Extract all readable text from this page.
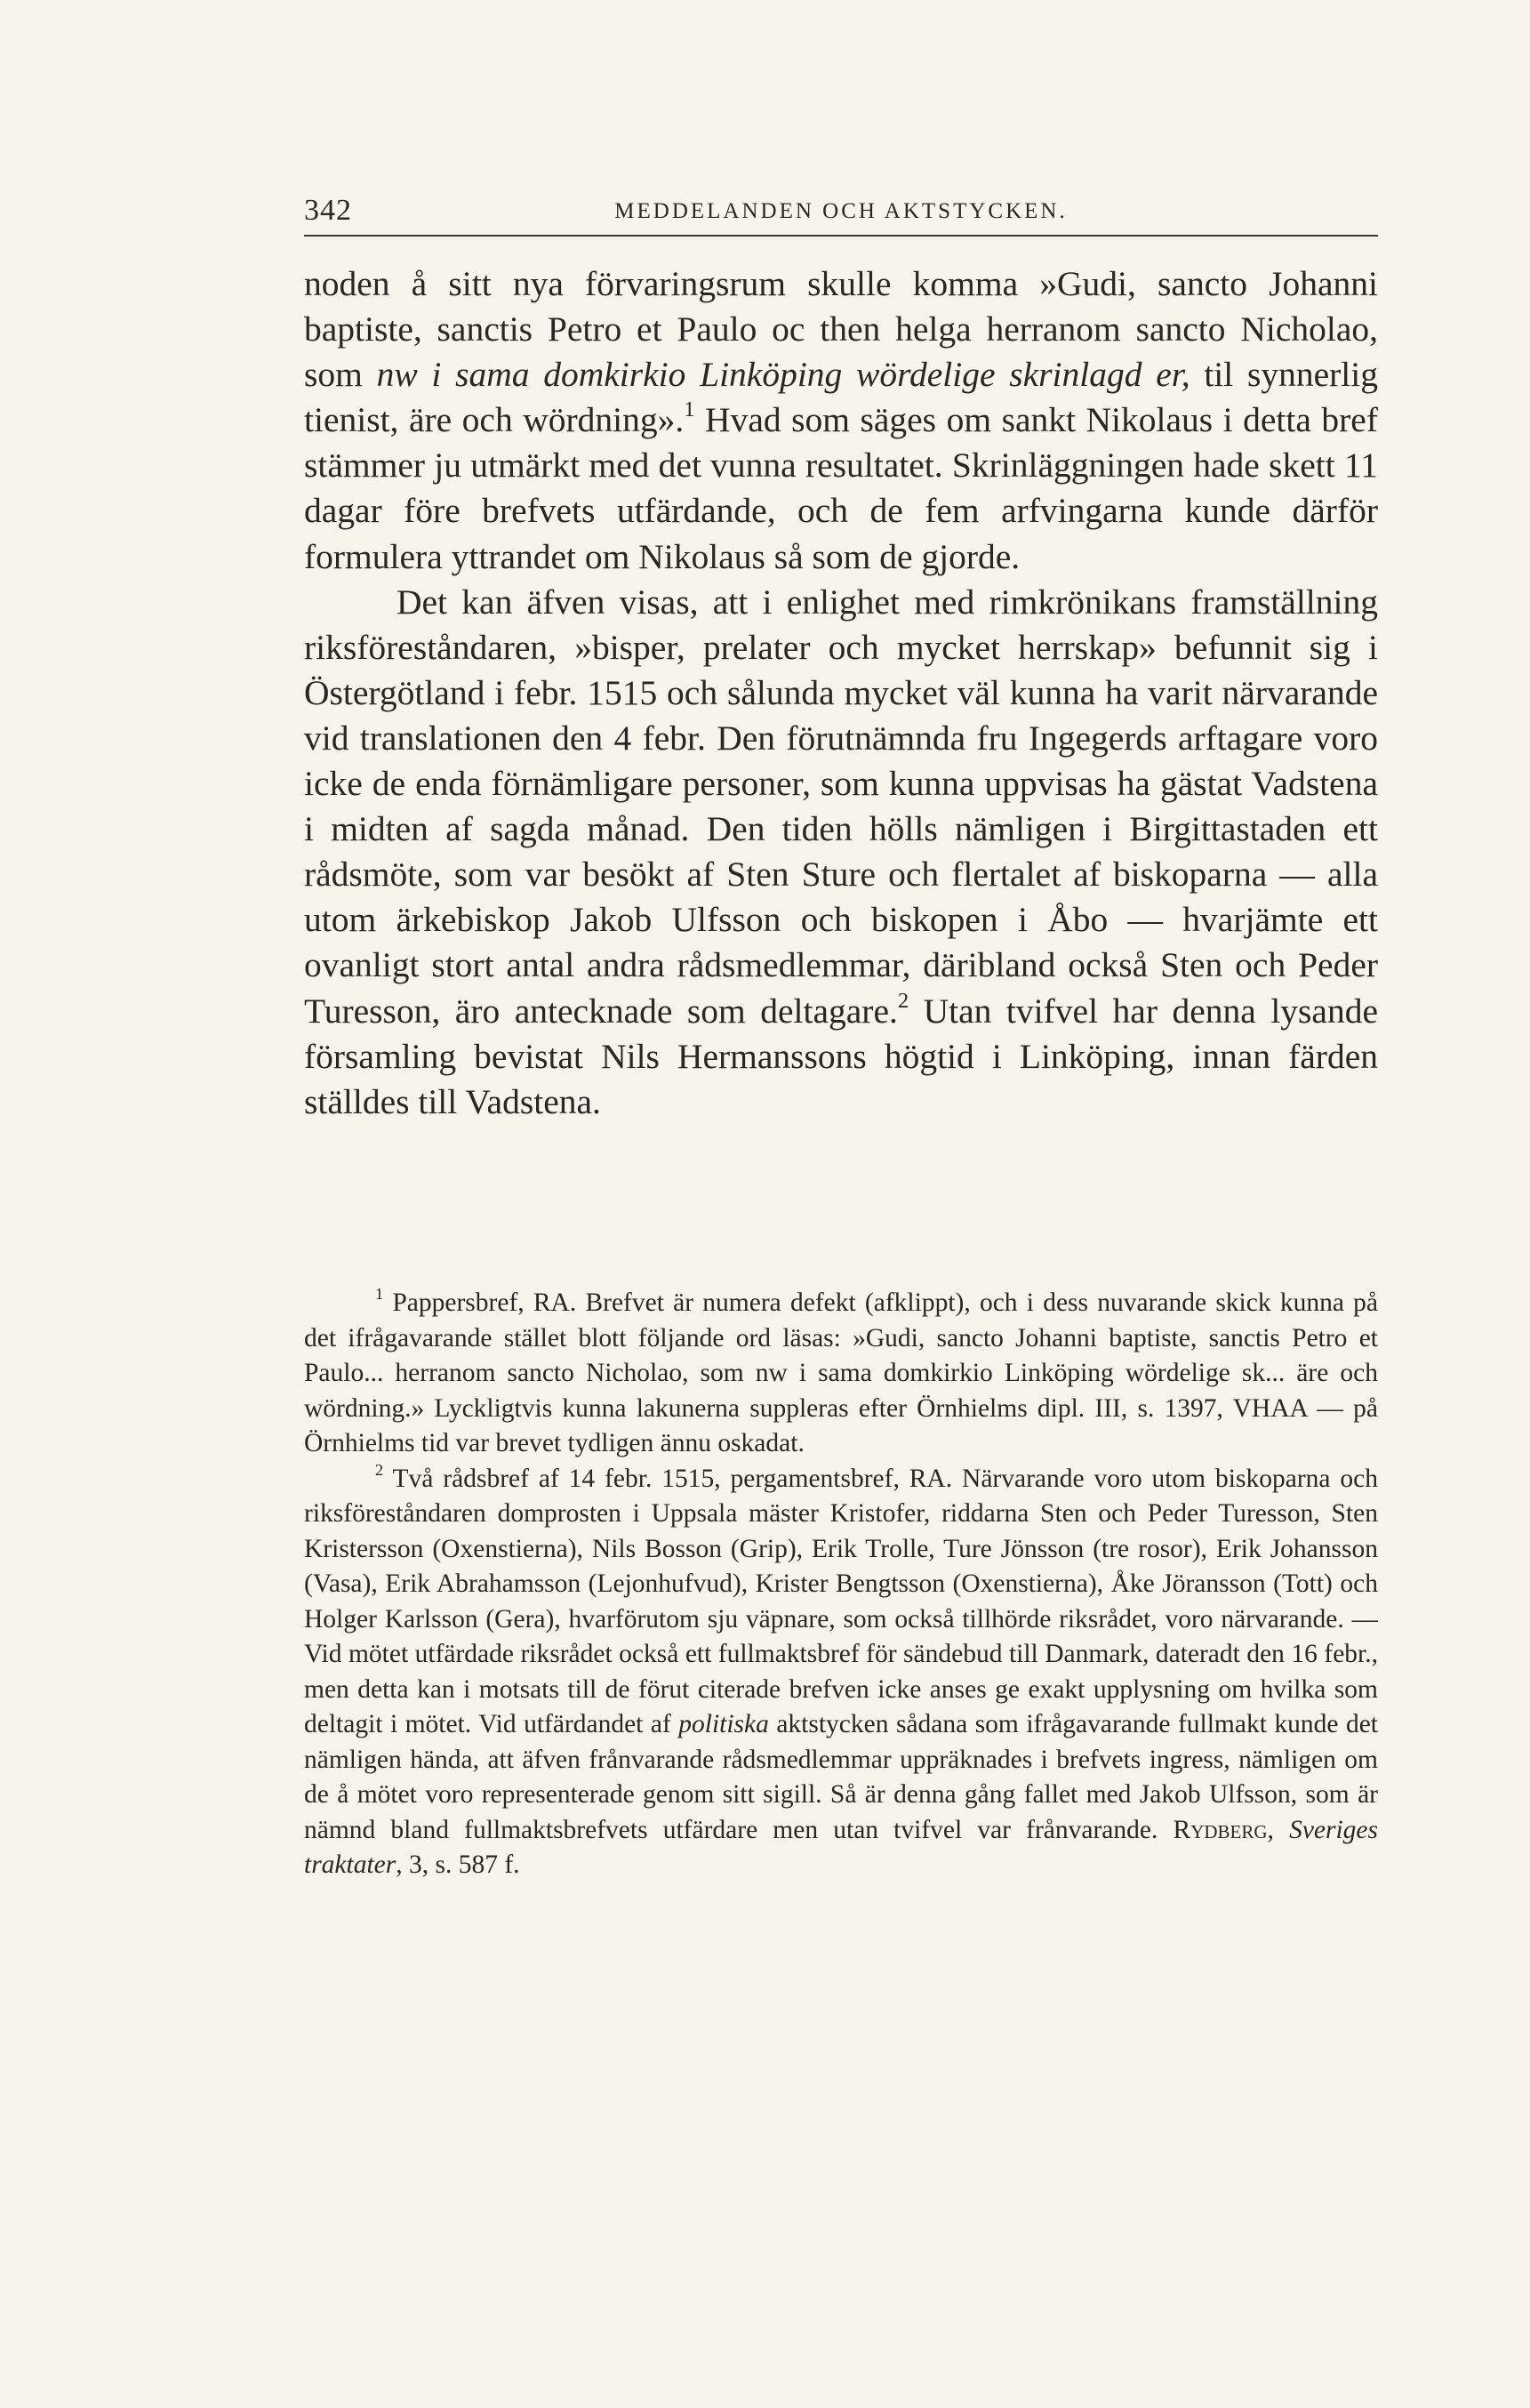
342	MEDDELANDEN OCH AKTSTYCKEN.

noden å sitt nya förvaringsrum skulle komma »Gudi, sancto Johanni baptiste, sanctis Petro et Paulo oc then helga herranom sancto Nicholao, som nw i sama domkirkio Linköping wördelige skrinlagd er, til synnerlig tienist, äre och wördning».$^1$ Hvad som säges om sankt Nikolaus i detta bref stämmer ju utmärkt med det vunna resultatet. Skrinläggningen hade skett 11 dagar före brefvets utfärdande, och de fem arfvingarna kunde därför formulera yttrandet om Nikolaus så som de gjorde.

Det kan äfven visas, att i enlighet med rimkrönikans framställning riksföreståndaren, »bisper, prelater och mycket herrskap» befunnit sig i Östergötland i febr. 1515 och sålunda mycket väl kunna ha varit närvarande vid translationen den 4 febr. Den förutnämnda fru Ingegerds arftagare voro icke de enda förnämligare personer, som kunna uppvisas ha gästat Vadstena i midten af sagda månad. Den tiden hölls nämligen i Birgittastaden ett rådsmöte, som var besökt af Sten Sture och flertalet af biskoparna — alla utom ärkebiskop Jakob Ulfsson och biskopen i Åbo — hvarjämte ett ovanligt stort antal andra rådsmedlemmar, däribland också Sten och Peder Turesson, äro antecknade som deltagare.$^2$ Utan tvifvel har denna lysande församling bevistat Nils Hermanssons högtid i Linköping, innan färden ställdes till Vadstena.

$^1$ Pappersbref, RA. Brefvet är numera defekt (afklippt), och i dess nuvarande skick kunna på det ifrågavarande stället blott följande ord läsas: »Gudi, sancto Johanni baptiste, sanctis Petro et Paulo... herranom sancto Nicholao, som nw i sama domkirkio Linköping wördelige sk... äre och wördning.» Lyckligtvis kunna lakunerna suppleras efter Örnhielms dipl. III, s. 1397, VHAA — på Örnhielms tid var brevet tydligen ännu oskadat.

$^2$ Två rådsbref af 14 febr. 1515, pergamentsbref, RA. Närvarande voro utom biskoparna och riksföreståndaren domprosten i Uppsala mäster Kristofer, riddarna Sten och Peder Turesson, Sten Kristersson (Oxenstierna), Nils Bosson (Grip), Erik Trolle, Ture Jönsson (tre rosor), Erik Johansson (Vasa), Erik Abrahamsson (Lejonhufvud), Krister Bengtsson (Oxenstierna), Åke Jöransson (Tott) och Holger Karlsson (Gera), hvarförutom sju väpnare, som också tillhörde riksrådet, voro närvarande. — Vid mötet utfärdade riksrådet också ett fullmaktsbref för sändebud till Danmark, dateradt den 16 febr., men detta kan i motsats till de förut citerade brefven icke anses ge exakt upplysning om hvilka som deltagit i mötet. Vid utfärdandet af politiska aktstycken sådana som ifrågavarande fullmakt kunde det nämligen hända, att äfven frånvarande rådsmedlemmar uppräknades i brefvets ingress, nämligen om de å mötet voro representerade genom sitt sigill. Så är denna gång fallet med Jakob Ulfsson, som är nämnd bland fullmaktsbrefvets utfärdare men utan tvifvel var frånvarande. Rydberg, Sveriges traktater, 3, s. 587 f.
